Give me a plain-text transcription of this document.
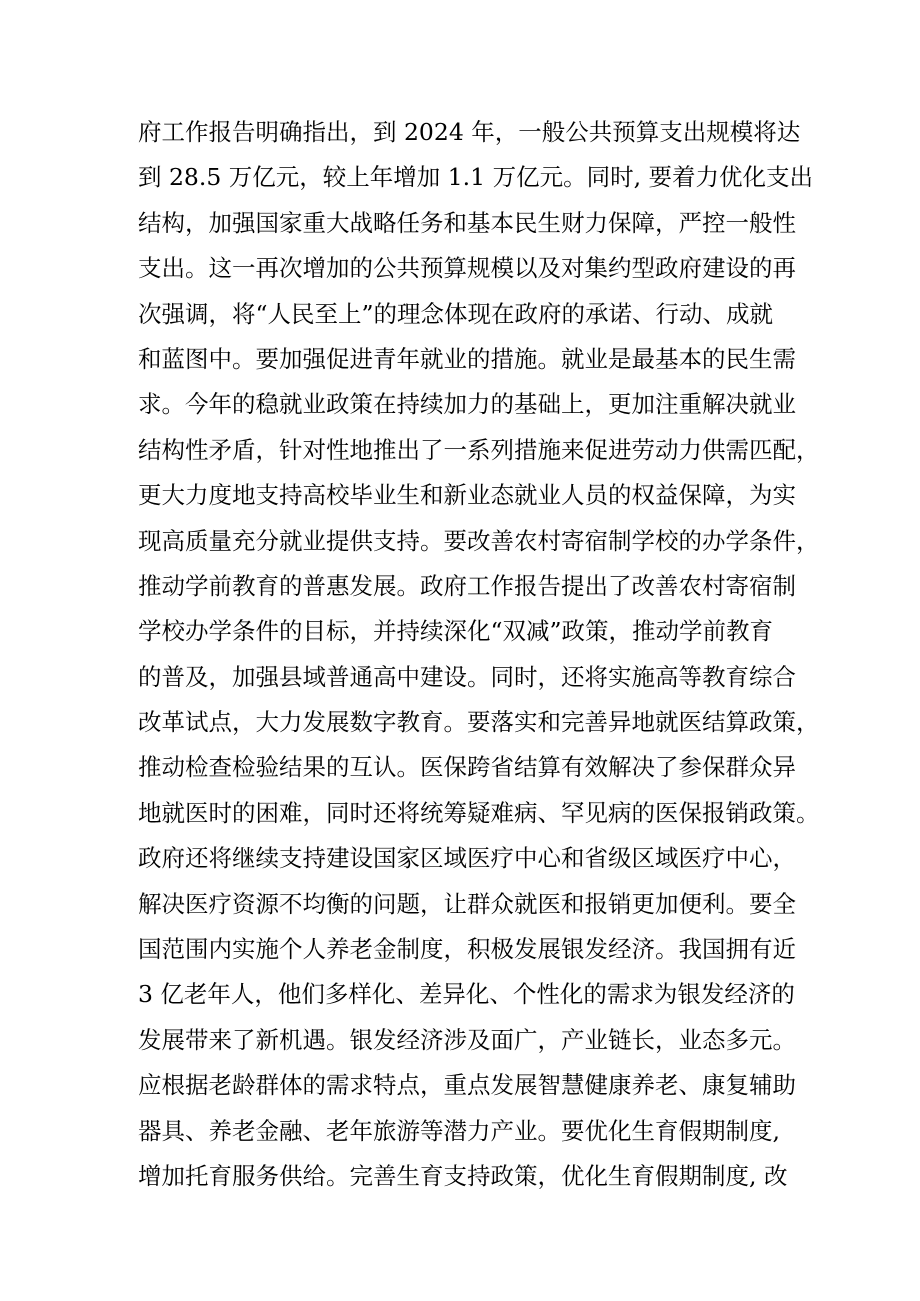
府工作报告明确指出，到 2024 年，一般公共预算支出规模将达
到 28.5 万亿元，较上年增加 1.1 万亿元。同时, 要着力优化支出
结构，加强国家重大战略任务和基本民生财力保障，严控一般性
支出。这一再次增加的公共预算规模以及对集约型政府建设的再
次强调，将“人民至上”的理念体现在政府的承诺、行动、成就
和蓝图中。要加强促进青年就业的措施。就业是最基本的民生需
求。今年的稳就业政策在持续加力的基础上，更加注重解决就业
结构性矛盾，针对性地推出了一系列措施来促进劳动力供需匹配，
更大力度地支持高校毕业生和新业态就业人员的权益保障，为实
现高质量充分就业提供支持。要改善农村寄宿制学校的办学条件，
推动学前教育的普惠发展。政府工作报告提出了改善农村寄宿制
学校办学条件的目标，并持续深化“双减”政策，推动学前教育
的普及，加强县域普通高中建设。同时，还将实施高等教育综合
改革试点，大力发展数字教育。要落实和完善异地就医结算政策，
推动检查检验结果的互认。医保跨省结算有效解决了参保群众异
地就医时的困难，同时还将统筹疑难病、罕见病的医保报销政策。
政府还将继续支持建设国家区域医疗中心和省级区域医疗中心，
解决医疗资源不均衡的问题，让群众就医和报销更加便利。要全
国范围内实施个人养老金制度，积极发展银发经济。我国拥有近
3 亿老年人，他们多样化、差异化、个性化的需求为银发经济的
发展带来了新机遇。银发经济涉及面广，产业链长，业态多元。
应根据老龄群体的需求特点，重点发展智慧健康养老、康复辅助
器具、养老金融、老年旅游等潜力产业。要优化生育假期制度,
增加托育服务供给。完善生育支持政策，优化生育假期制度, 改
